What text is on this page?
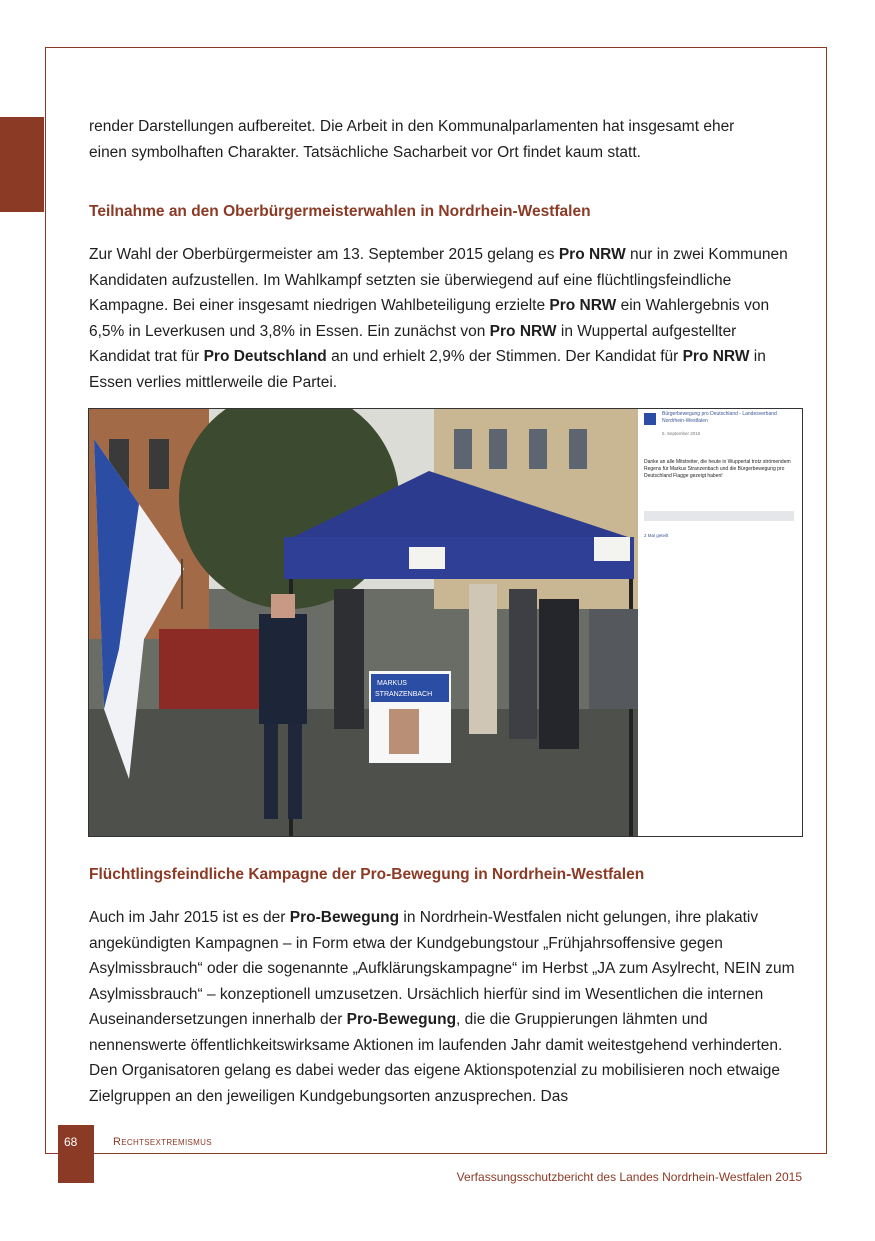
render Darstellungen aufbereitet. Die Arbeit in den Kommunalparlamenten hat insgesamt eher
einen symbolhaften Charakter. Tatsächliche Sacharbeit vor Ort findet kaum statt.

Teilnahme an den Oberbürgermeisterwahlen in Nordrhein-Westfalen

Zur Wahl der Oberbürgermeister am 13. September 2015 gelang es Pro NRW nur in zwei Kommunen Kandidaten aufzustellen. Im Wahlkampf setzten sie überwiegend auf eine flüchtlingsfeindliche Kampagne. Bei einer insgesamt niedrigen Wahlbeteiligung erzielte Pro NRW ein Wahlergebnis von 6,5% in Leverkusen und 3,8% in Essen. Ein zunächst von Pro NRW in Wuppertal aufgestellter Kandidat trat für Pro Deutschland an und erhielt 2,9% der Stimmen. Der Kandidat für Pro NRW in Essen verlies mittlerweile die Partei.

MARKUS
STRANZENBACH
Bürgerbewegung pro Deutschland - Landesverband Nordrhein-Westfalen
5. September 2015
Danke an alle Mitstreiter, die heute in Wuppertal trotz strömendem Regens für Markus Stranzenbach und die Bürgerbewegung pro Deutschland Flagge gezeigt haben!
2 Mal geteilt
Flüchtlingsfeindliche Kampagne der Pro-Bewegung in Nordrhein-Westfalen

Auch im Jahr 2015 ist es der Pro-Bewegung in Nordrhein-Westfalen nicht gelungen, ihre plakativ angekündigten Kampagnen – in Form etwa der Kundgebungstour „Frühjahrsoffensive gegen Asylmissbrauch“ oder die sogenannte „Aufklärungskampagne“ im Herbst „JA zum Asylrecht, NEIN zum Asylmissbrauch“ – konzeptionell umzusetzen. Ursächlich hierfür sind im Wesentlichen die internen Auseinandersetzungen innerhalb der Pro-Bewegung, die die Gruppierungen lähmten und nennenswerte öffentlichkeitswirksame Aktionen im laufenden Jahr damit weitestgehend verhinderten. Den Organisatoren gelang es dabei weder das eigene Aktionspotenzial zu mobilisieren noch etwaige Zielgruppen an den jeweiligen Kundgebungsorten anzusprechen. Das

68	Rechtsextremismus
Verfassungsschutzbericht des Landes Nordrhein-Westfalen 2015
